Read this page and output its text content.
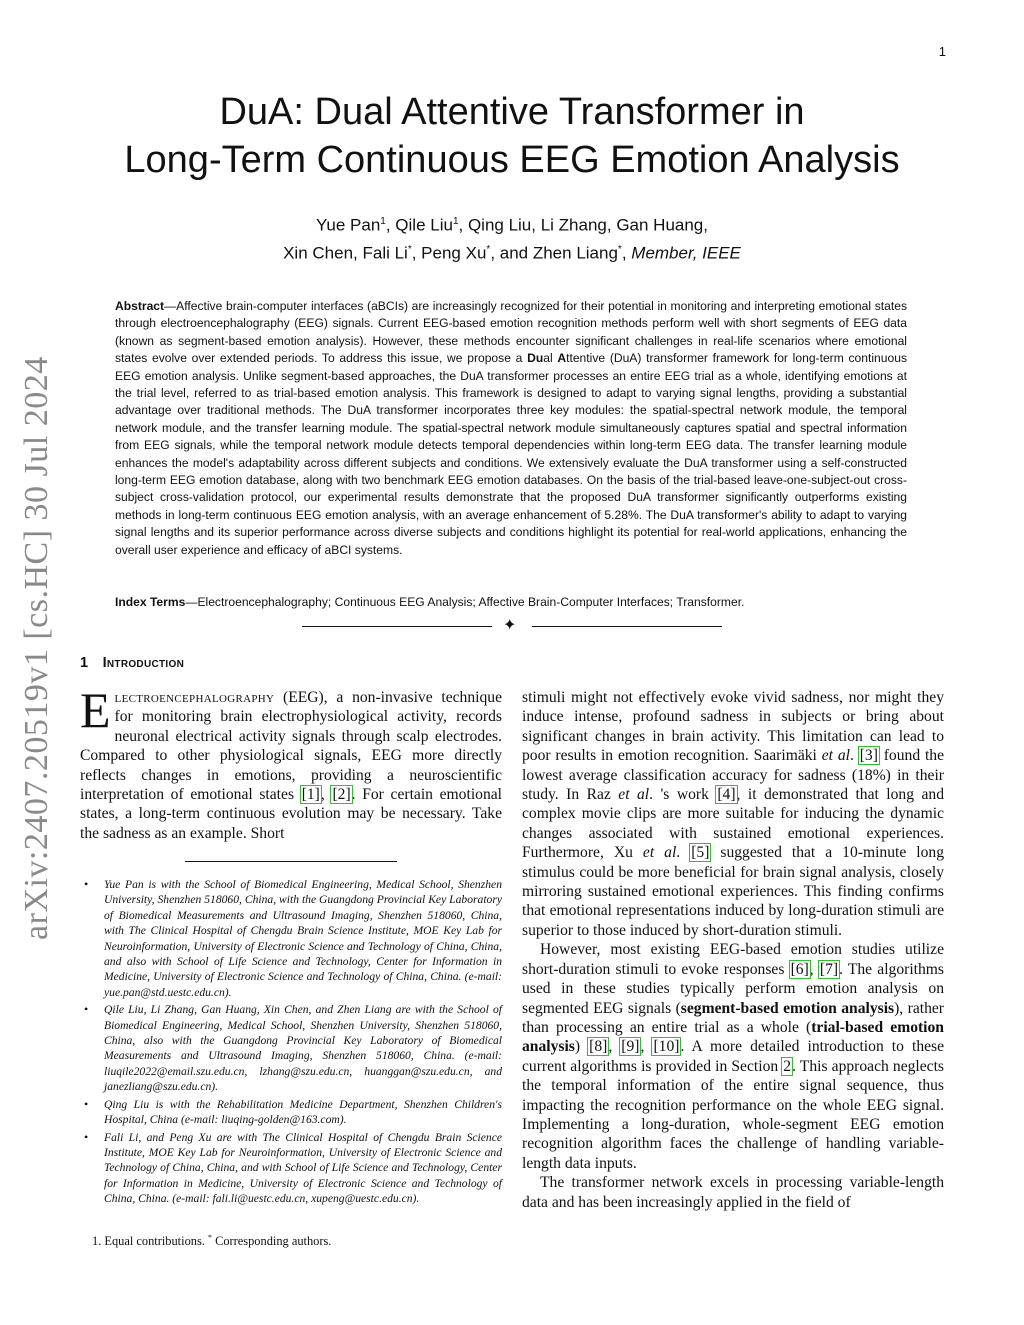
1
arXiv:2407.20519v1 [cs.HC] 30 Jul 2024
DuA: Dual Attentive Transformer in
Long-Term Continuous EEG Emotion Analysis
Yue Pan$^1$, Qile Liu$^1$, Qing Liu, Li Zhang, Gan Huang,
Xin Chen, Fali Li*, Peng Xu*, and Zhen Liang*, Member, IEEE
Abstract—Affective brain-computer interfaces (aBCIs) are increasingly recognized for their potential in monitoring and interpreting emotional states through electroencephalography (EEG) signals. Current EEG-based emotion recognition methods perform well with short segments of EEG data (known as segment-based emotion analysis). However, these methods encounter significant challenges in real-life scenarios where emotional states evolve over extended periods. To address this issue, we propose a Dual Attentive (DuA) transformer framework for long-term continuous EEG emotion analysis. Unlike segment-based approaches, the DuA transformer processes an entire EEG trial as a whole, identifying emotions at the trial level, referred to as trial-based emotion analysis. This framework is designed to adapt to varying signal lengths, providing a substantial advantage over traditional methods. The DuA transformer incorporates three key modules: the spatial-spectral network module, the temporal network module, and the transfer learning module. The spatial-spectral network module simultaneously captures spatial and spectral information from EEG signals, while the temporal network module detects temporal dependencies within long-term EEG data. The transfer learning module enhances the model's adaptability across different subjects and conditions. We extensively evaluate the DuA transformer using a self-constructed long-term EEG emotion database, along with two benchmark EEG emotion databases. On the basis of the trial-based leave-one-subject-out cross-subject cross-validation protocol, our experimental results demonstrate that the proposed DuA transformer significantly outperforms existing methods in long-term continuous EEG emotion analysis, with an average enhancement of 5.28%. The DuA transformer's ability to adapt to varying signal lengths and its superior performance across diverse subjects and conditions highlight its potential for real-world applications, enhancing the overall user experience and efficacy of aBCI systems.
Index Terms—Electroencephalography; Continuous EEG Analysis; Affective Brain-Computer Interfaces; Transformer.
✦
1 Introduction

Electroencephalography (EEG), a non-invasive technique for monitoring brain electrophysiological activity, records neuronal electrical activity signals through scalp electrodes. Compared to other physiological signals, EEG more directly reflects changes in emotions, providing a neuroscientific interpretation of emotional states [1], [2]. For certain emotional states, a long-term continuous evolution may be necessary. Take the sadness as an example. Short

• Yue Pan is with the School of Biomedical Engineering, Medical School, Shenzhen University, Shenzhen 518060, China, with the Guangdong Provincial Key Laboratory of Biomedical Measurements and Ultrasound Imaging, Shenzhen 518060, China, with The Clinical Hospital of Chengdu Brain Science Institute, MOE Key Lab for Neuroinformation, University of Electronic Science and Technology of China, China, and also with School of Life Science and Technology, Center for Information in Medicine, University of Electronic Science and Technology of China, China. (e-mail: yue.pan@std.uestc.edu.cn).
• Qile Liu, Li Zhang, Gan Huang, Xin Chen, and Zhen Liang are with the School of Biomedical Engineering, Medical School, Shenzhen University, Shenzhen 518060, China, also with the Guangdong Provincial Key Laboratory of Biomedical Measurements and Ultrasound Imaging, Shenzhen 518060, China. (e-mail: liuqile2022@email.szu.edu.cn, lzhang@szu.edu.cn, huanggan@szu.edu.cn, and janezliang@szu.edu.cn).
• Qing Liu is with the Rehabilitation Medicine Department, Shenzhen Children's Hospital, China (e-mail: liuqing-golden@163.com).
• Fali Li, and Peng Xu are with The Clinical Hospital of Chengdu Brain Science Institute, MOE Key Lab for Neuroinformation, University of Electronic Science and Technology of China, China, and with School of Life Science and Technology, Center for Information in Medicine, University of Electronic Science and Technology of China, China. (e-mail: fali.li@uestc.edu.cn, xupeng@uestc.edu.cn).
1. Equal contributions. * Corresponding authors.

stimuli might not effectively evoke vivid sadness, nor might they induce intense, profound sadness in subjects or bring about significant changes in brain activity. This limitation can lead to poor results in emotion recognition. Saarimäki et al. [3] found the lowest average classification accuracy for sadness (18%) in their study. In Raz et al. 's work [4], it demonstrated that long and complex movie clips are more suitable for inducing the dynamic changes associated with sustained emotional experiences. Furthermore, Xu et al. [5] suggested that a 10-minute long stimulus could be more beneficial for brain signal analysis, closely mirroring sustained emotional experiences. This finding confirms that emotional representations induced by long-duration stimuli are superior to those induced by short-duration stimuli.

However, most existing EEG-based emotion studies utilize short-duration stimuli to evoke responses [6], [7]. The algorithms used in these studies typically perform emotion analysis on segmented EEG signals (segment-based emotion analysis), rather than processing an entire trial as a whole (trial-based emotion analysis) [8], [9], [10]. A more detailed introduction to these current algorithms is provided in Section 2. This approach neglects the temporal information of the entire signal sequence, thus impacting the recognition performance on the whole EEG signal. Implementing a long-duration, whole-segment EEG emotion recognition algorithm faces the challenge of handling variable-length data inputs.

The transformer network excels in processing variable-length data and has been increasingly applied in the field of
